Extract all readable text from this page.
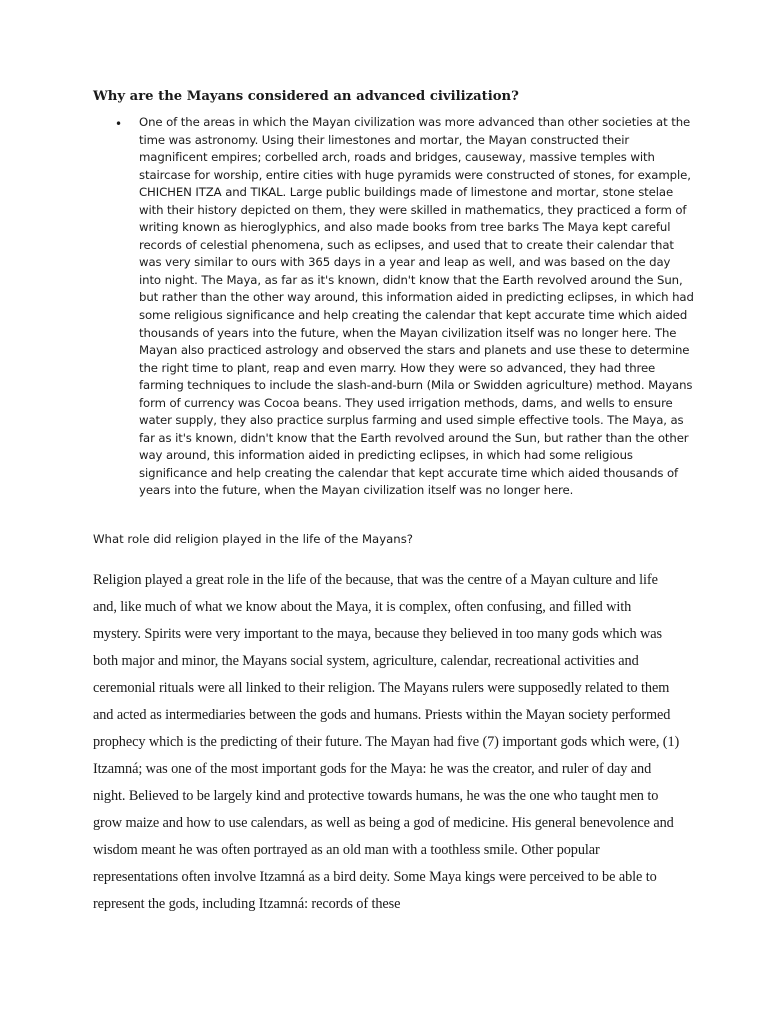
Why are the Mayans considered an advanced civilization?
• One of the areas in which the Mayan civilization was more advanced than other societies at the time was astronomy. Using their limestones and mortar, the Mayan constructed their magnificent empires; corbelled arch, roads and bridges, causeway, massive temples with staircase for worship, entire cities with huge pyramids were constructed of stones, for example, CHICHEN ITZA and TIKAL. Large public buildings made of limestone and mortar, stone stelae with their history depicted on them, they were skilled in mathematics, they practiced a form of writing known as hieroglyphics, and also made books from tree barks The Maya kept careful records of celestial phenomena, such as eclipses, and used that to create their calendar that was very similar to ours with 365 days in a year and leap as well, and was based on the day into night. The Maya, as far as it's known, didn't know that the Earth revolved around the Sun, but rather than the other way around, this information aided in predicting eclipses, in which had some religious significance and help creating the calendar that kept accurate time which aided thousands of years into the future, when the Mayan civilization itself was no longer here. The Mayan also practiced astrology and observed the stars and planets and use these to determine the right time to plant, reap and even marry. How they were so advanced, they had three farming techniques to include the slash-and-burn (Mila or Swidden agriculture) method. Mayans form of currency was Cocoa beans. They used irrigation methods, dams, and wells to ensure water supply, they also practice surplus farming and used simple effective tools. The Maya, as far as it's known, didn't know that the Earth revolved around the Sun, but rather than the other way around, this information aided in predicting eclipses, in which had some religious significance and help creating the calendar that kept accurate time which aided thousands of years into the future, when the Mayan civilization itself was no longer here.
What role did religion played in the life of the Mayans?
Religion played a great role in the life of the because, that was the centre of a Mayan culture and life and, like much of what we know about the Maya, it is complex, often confusing, and filled with mystery. Spirits were very important to the maya, because they believed in too many gods which was both major and minor, the Mayans social system, agriculture, calendar, recreational activities and ceremonial rituals were all linked to their religion. The Mayans rulers were supposedly related to them and acted as intermediaries between the gods and humans. Priests within the Mayan society performed prophecy which is the predicting of their future. The Mayan had five (7) important gods which were, (1) Itzamná; was one of the most important gods for the Maya: he was the creator, and ruler of day and night. Believed to be largely kind and protective towards humans, he was the one who taught men to grow maize and how to use calendars, as well as being a god of medicine. His general benevolence and wisdom meant he was often portrayed as an old man with a toothless smile. Other popular representations often involve Itzamná as a bird deity. Some Maya kings were perceived to be able to represent the gods, including Itzamná: records of these
